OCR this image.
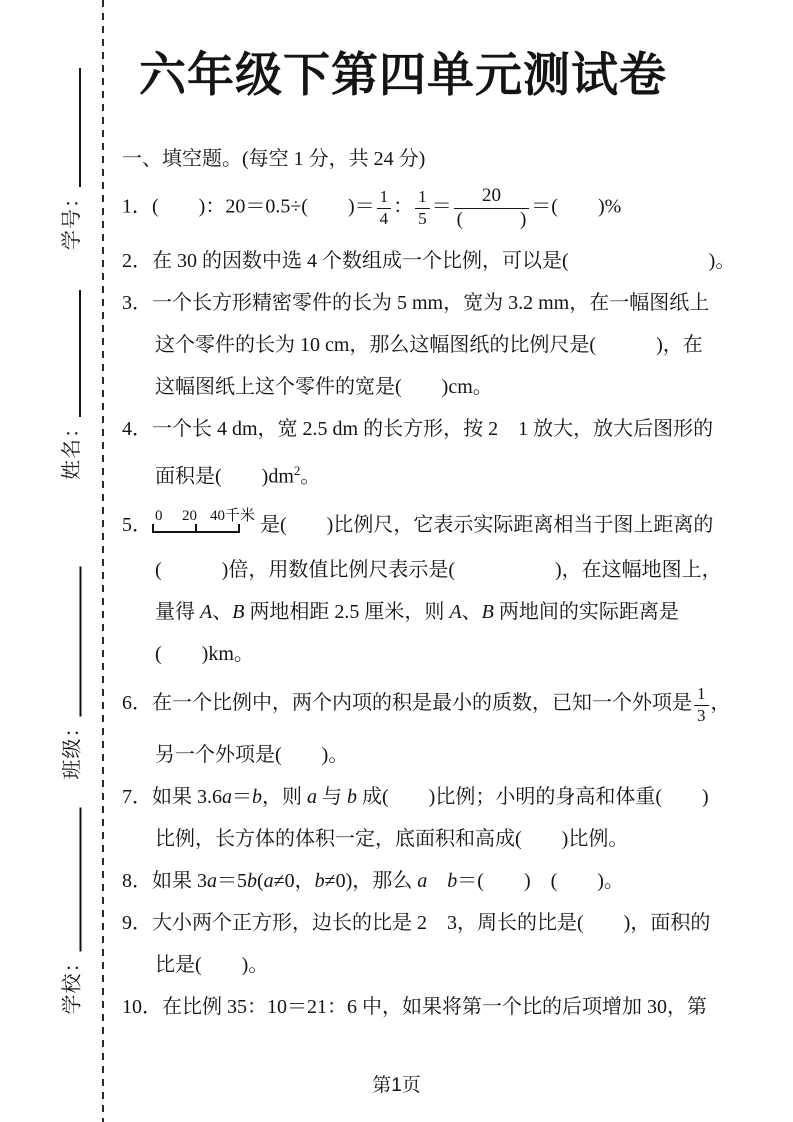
学号：
姓名：
班级：
学校：
六年级下第四单元测试卷
一、填空题。(每空 1 分，共 24 分)
1．(　　)：20＝0.5÷(　　)＝ $\frac{1}{4}$ ： $\frac{1}{5} = \frac{20}{( )}$ ＝(　　)%
2．在 30 的因数中选 4 个数组成一个比例，可以是(　　　　　　　)。
3．一个长方形精密零件的长为 5 mm，宽为 3.2 mm，在一幅图纸上
这个零件的长为 10 cm，那么这幅图纸的比例尺是(　　　)，在
这幅图纸上这个零件的宽是(　　)cm。
4．一个长 4 dm，宽 2.5 dm 的长方形，按 2　1 放大，放大后图形的
面积是(　　)$dm^2$。
5． 0 20 40千米 是(　　)比例尺，它表示实际距离相当于图上距离的
(　　　)倍，用数值比例尺表示是(　　　　　)，在这幅地图上，
量得 A、B 两地相距 2.5 厘米，则 A、B 两地间的实际距离是
(　　)km。
6．在一个比例中，两个内项的积是最小的质数，已知一个外项是 $\frac{1}{3}$ ，
另一个外项是(　　)。
7．如果 3.6a＝b，则 a 与 b 成(　　)比例；小明的身高和体重(　　)
比例，长方体的体积一定，底面积和高成(　　)比例。
8．如果 3a＝5b(a≠0，b≠0)，那么 a　 b＝(　　)　(　　)。
9．大小两个正方形，边长的比是 2　3，周长的比是(　　)，面积的
比是(　　)。
10．在比例 35：10＝21：6 中，如果将第一个比的后项增加 30，第
第1页
